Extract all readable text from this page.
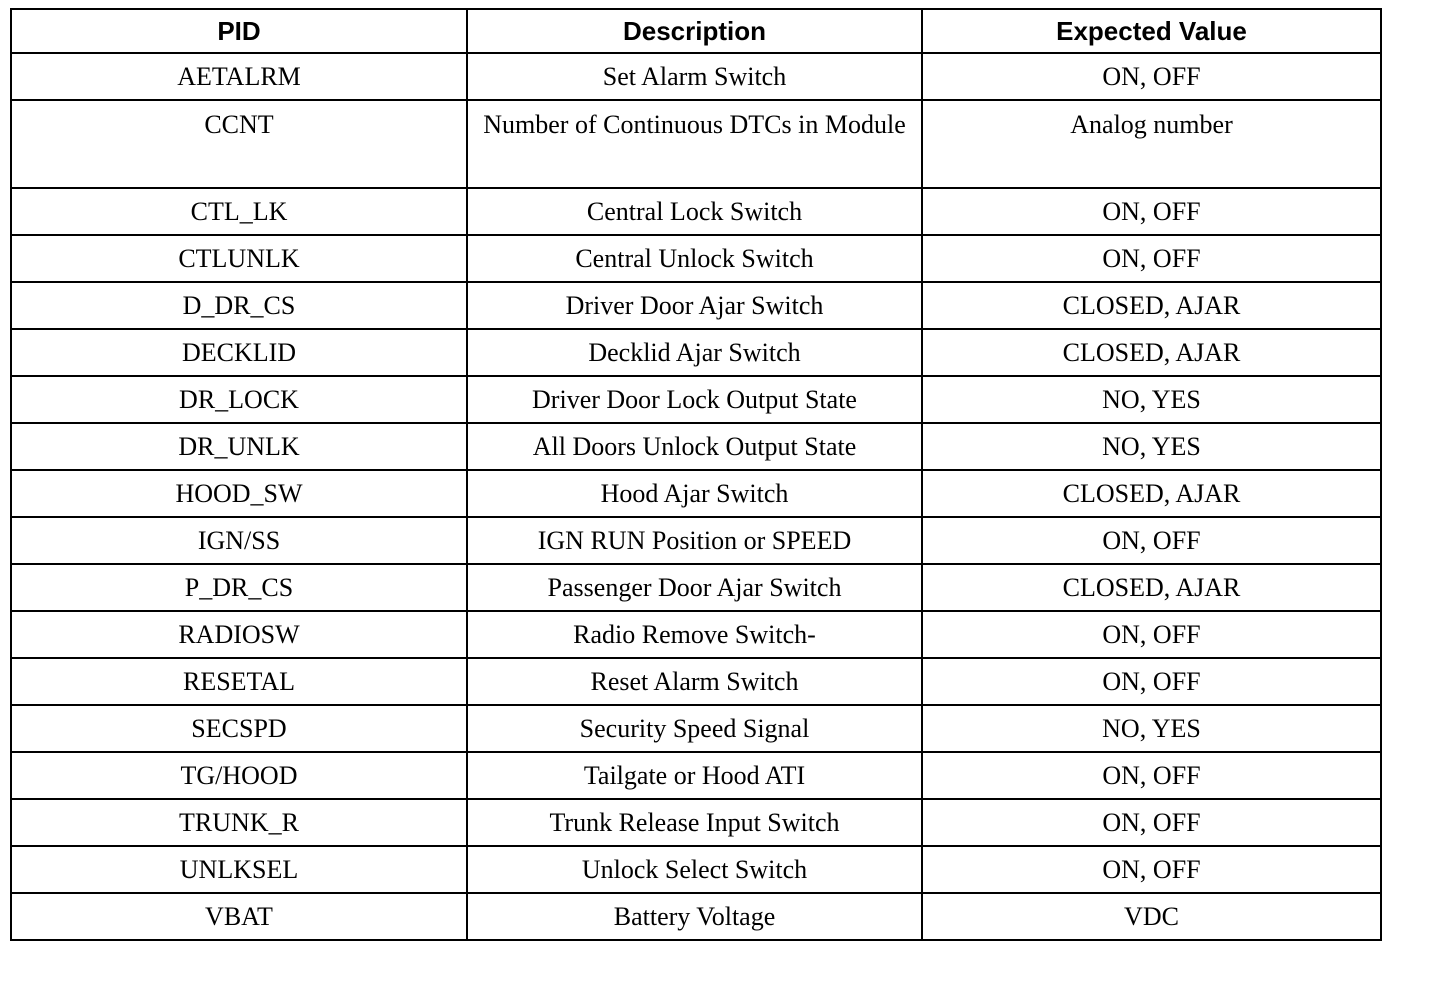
PID	Description	Expected Value
AETALRM	Set Alarm Switch	ON, OFF
CCNT	Number of Continuous DTCs in Module	Analog number
CTL_LK	Central Lock Switch	ON, OFF
CTLUNLK	Central Unlock Switch	ON, OFF
D_DR_CS	Driver Door Ajar Switch	CLOSED, AJAR
DECKLID	Decklid Ajar Switch	CLOSED, AJAR
DR_LOCK	Driver Door Lock Output State	NO, YES
DR_UNLK	All Doors Unlock Output State	NO, YES
HOOD_SW	Hood Ajar Switch	CLOSED, AJAR
IGN/SS	IGN RUN Position or SPEED	ON, OFF
P_DR_CS	Passenger Door Ajar Switch	CLOSED, AJAR
RADIOSW	Radio Remove Switch-	ON, OFF
RESETAL	Reset Alarm Switch	ON, OFF
SECSPD	Security Speed Signal	NO, YES
TG/HOOD	Tailgate or Hood ATI	ON, OFF
TRUNK_R	Trunk Release Input Switch	ON, OFF
UNLKSEL	Unlock Select Switch	ON, OFF
VBAT	Battery Voltage	VDC
